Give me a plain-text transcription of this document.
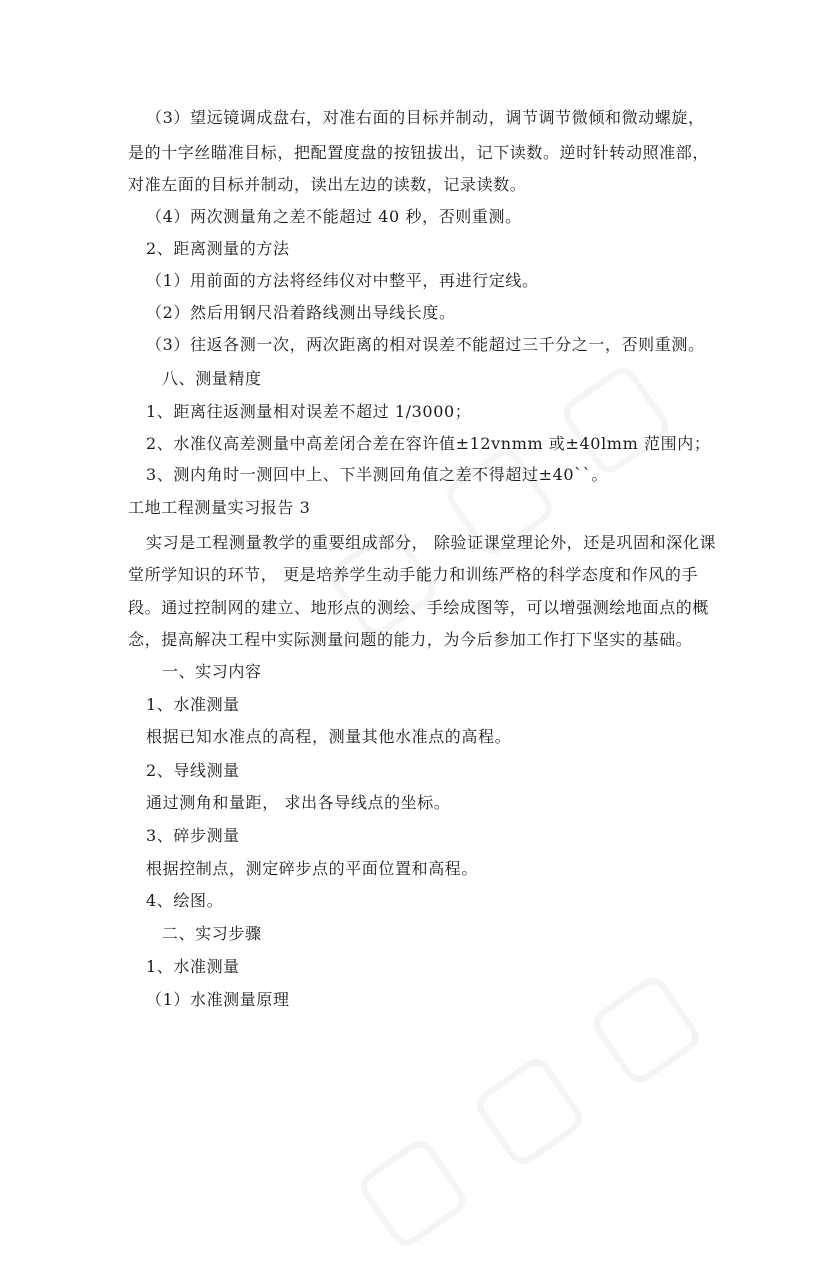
（3）望远镜调成盘右，对准右面的目标并制动，调节调节微倾和微动螺旋，
是的十字丝瞄准目标，把配置度盘的按钮拔出，记下读数。逆时针转动照准部，
对准左面的目标并制动，读出左边的读数，记录读数。
（4）两次测量角之差不能超过 40 秒，否则重测。
2、距离测量的方法
（1）用前面的方法将经纬仪对中整平，再进行定线。
（2）然后用钢尺沿着路线测出导线长度。
（3）往返各测一次，两次距离的相对误差不能超过三千分之一，否则重测。
八、测量精度
1、距离往返测量相对误差不超过 1/3000；
2、水准仪高差测量中高差闭合差在容许值±12vnmm 或±40lmm 范围内；
3、测内角时一测回中上、下半测回角值之差不得超过±40``。
工地工程测量实习报告 3
实习是工程测量教学的重要组成部分， 除验证课堂理论外，还是巩固和深化课
堂所学知识的环节， 更是培养学生动手能力和训练严格的科学态度和作风的手
段。通过控制网的建立、地形点的测绘、手绘成图等，可以增强测绘地面点的概
念，提高解决工程中实际测量问题的能力，为今后参加工作打下坚实的基础。
一、实习内容
1、水准测量
根据已知水准点的高程，测量其他水准点的高程。
2、导线测量
通过测角和量距， 求出各导线点的坐标。
3、碎步测量
根据控制点，测定碎步点的平面位置和高程。
4、绘图。
二、实习步骤
1、水准测量
（1）水准测量原理
